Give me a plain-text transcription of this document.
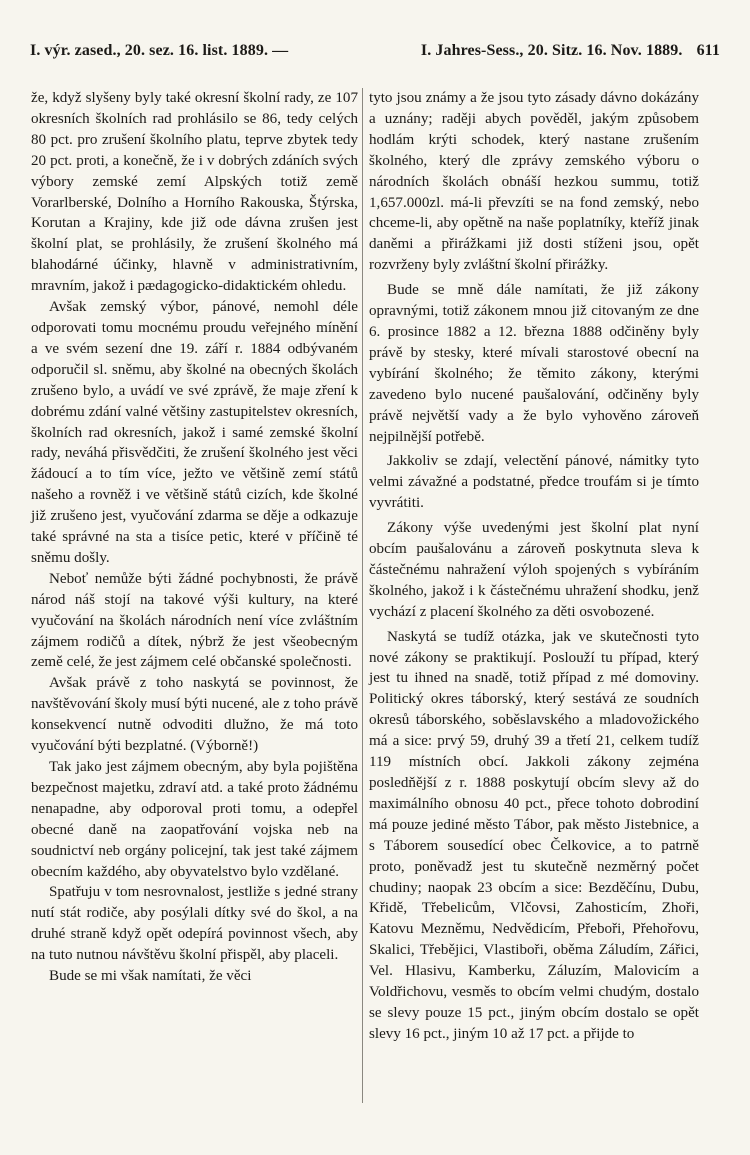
I. výr. zased., 20. sez. 16. list. 1889. —	I. Jahres-Sess., 20. Sitz. 16. Nov. 1889. 611

že, když slyšeny byly také okresní školní rady, ze 107 okresních školních rad prohlásilo se 86, tedy celých 80 pct. pro zrušení školního platu, teprve zbytek tedy 20 pct. proti, a konečně, že i v dobrých zdáních svých výbory zemské zemí Alpských totiž země Vorarlberské, Dolního a Horního Rakouska, Štýrska, Korutan a Krajiny, kde již ode dávna zrušen jest školní plat, se prohlásily, že zrušení školného má blahodárné účinky, hlavně v administrativním, mravním, jakož i pædagogicko-didaktickém ohledu.

Avšak zemský výbor, pánové, nemohl déle odporovati tomu mocnému proudu veřejného mínění a ve svém sezení dne 19. září r. 1884 odbývaném odporučil sl. sněmu, aby školné na obecných školách zrušeno bylo, a uvádí ve své zprávě, že maje zření k dobrému zdání valné většiny zastupitelstev okresních, školních rad okresních, jakož i samé zemské školní rady, neváhá přisvědčiti, že zrušení školného jest věci žádoucí a to tím více, ježto ve většině zemí států našeho a rovněž i ve většině států cizích, kde školné již zrušeno jest, vyučování zdarma se děje a odkazuje také správné na sta a tisíce petic, které v příčině té sněmu došly.

Neboť nemůže býti žádné pochybnosti, že právě národ náš stojí na takové výši kultury, na které vyučování na školách národních není více zvláštním zájmem rodičů a dítek, nýbrž že jest všeobecným země celé, že jest zájmem celé občanské společnosti.

Avšak právě z toho naskytá se povinnost, že navštěvování školy musí býti nucené, ale z toho právě konsekvencí nutně odvoditi dlužno, že má toto vyučování býti bezplatné. (Výborně!)

Tak jako jest zájmem obecným, aby byla pojištěna bezpečnost majetku, zdraví atd. a také proto žádnému nenapadne, aby odporoval proti tomu, a odepřel obecné daně na zaopatřování vojska neb na soudnictví neb orgány policejní, tak jest také zájmem obecním každého, aby obyvatelstvo bylo vzdělané.

Spatřuju v tom nesrovnalost, jestliže s jedné strany nutí stát rodiče, aby posýlali dítky své do škol, a na druhé straně když opět odepírá povinnost všech, aby na tuto nutnou návštěvu školní přispěl, aby placeli.

Bude se mi však namítati, že věci

tyto jsou známy a že jsou tyto zásady dávno dokázány a uznány; raději abych pověděl, jakým způsobem hodlám krýti schodek, který nastane zrušením školného, který dle zprávy zemského výboru o národních školách obnáší hezkou summu, totiž 1,657.000zl. má-li převzíti se na fond zemský, nebo chceme-li, aby opětně na naše poplatníky, kteříž jinak daněmi a přirážkami již dosti stíženi jsou, opět rozvrženy byly zvláštní školní přirážky.

Bude se mně dále namítati, že již zákony opravnými, totiž zákonem mnou již citovaným ze dne 6. prosince 1882 a 12. března 1888 odčiněny byly právě by stesky, které mívali starostové obecní na vybírání školného; že těmito zákony, kterými zavedeno bylo nucené paušalování, odčiněny byly právě největší vady a že bylo vyhověno zároveň nejpilnější potřebě.

Jakkoliv se zdají, velectění pánové, námitky tyto velmi závažné a podstatné, předce troufám si je tímto vyvrátiti.

Zákony výše uvedenými jest školní plat nyní obcím paušalovánu a zároveň poskytnuta sleva k částečnému nahražení výloh spojených s vybíráním školného, jakož i k částečnému uhražení shodku, jenž vychází z placení školného za děti osvobozené.

Naskytá se tudíž otázka, jak ve skutečnosti tyto nové zákony se praktikují. Poslouží tu případ, který jest tu ihned na snadě, totiž případ z mé domoviny. Politický okres táborský, který sestává ze soudních okresů táborského, soběslavského a mladovožického má a sice: prvý 59, druhý 39 a třetí 21, celkem tudíž 119 místních obcí. Jakkoli zákony zejména posledňější z r. 1888 poskytují obcím slevy až do maximálního obnosu 40 pct., přece tohoto dobrodiní má pouze jediné město Tábor, pak město Jistebnice, a s Táborem sousedící obec Čelkovice, a to patrně proto, poněvadž jest tu skutečně nezměrný počet chudiny; naopak 23 obcím a sice: Bezděčínu, Dubu, Křidě, Třebelicům, Vlčovsi, Zahosticím, Zhoři, Katovu Mezněmu, Nedvědicím, Přeboři, Přehořovu, Skalici, Třebějici, Vlastiboři, oběma Záludím, Zářici, Vel. Hlasivu, Kamberku, Záluzím, Malovicím a Voldřichovu, vesměs to obcím velmi chudým, dostalo se slevy pouze 15 pct., jiným obcím dostalo se opět slevy 16 pct., jiným 10 až 17 pct. a přijde to
